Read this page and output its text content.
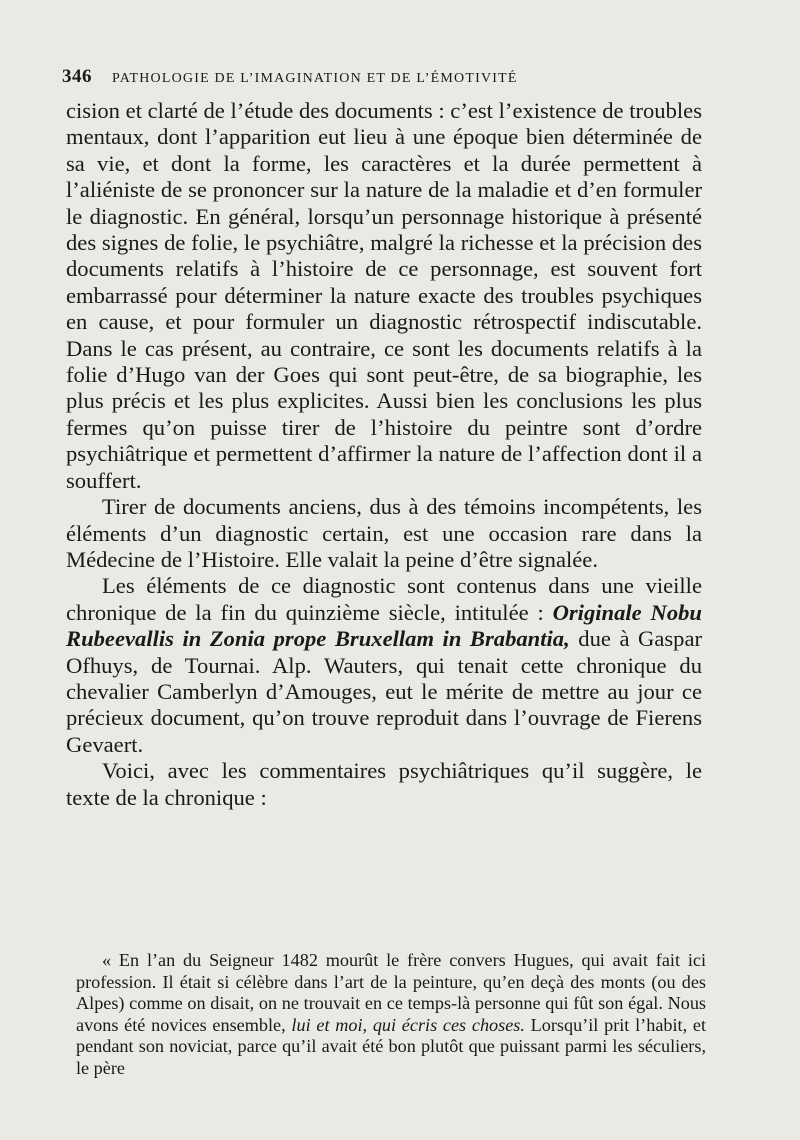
346 PATHOLOGIE DE L’IMAGINATION ET DE L’ÉMOTIVITÉ

cision et clarté de l’étude des documents : c’est l’existence de troubles mentaux, dont l’apparition eut lieu à une époque bien déterminée de sa vie, et dont la forme, les caractères et la durée permettent à l’aliéniste de se prononcer sur la nature de la maladie et d’en formuler le diagnostic. En général, lorsqu’un personnage historique à présenté des signes de folie, le psychiâtre, malgré la richesse et la précision des documents relatifs à l’histoire de ce personnage, est souvent fort embarrassé pour déterminer la nature exacte des troubles psychiques en cause, et pour formuler un diagnostic rétrospectif indiscutable. Dans le cas présent, au contraire, ce sont les documents relatifs à la folie d’Hugo van der Goes qui sont peut-être, de sa biographie, les plus précis et les plus explicites. Aussi bien les conclusions les plus fermes qu’on puisse tirer de l’histoire du peintre sont d’ordre psychiâtrique et permettent d’affirmer la nature de l’affection dont il a souffert.

Tirer de documents anciens, dus à des témoins incompétents, les éléments d’un diagnostic certain, est une occasion rare dans la Médecine de l’Histoire. Elle valait la peine d’être signalée.

Les éléments de ce diagnostic sont contenus dans une vieille chronique de la fin du quinzième siècle, intitulée : Originale Nobu Rubeevallis in Zonia prope Bruxellam in Brabantia, due à Gaspar Ofhuys, de Tournai. Alp. Wauters, qui tenait cette chronique du chevalier Camberlyn d’Amouges, eut le mérite de mettre au jour ce précieux document, qu’on trouve reproduit dans l’ouvrage de Fierens Gevaert.

Voici, avec les commentaires psychiâtriques qu’il suggère, le texte de la chronique :

« En l’an du Seigneur 1482 mourût le frère convers Hugues, qui avait fait ici profession. Il était si célèbre dans l’art de la peinture, qu’en deçà des monts (ou des Alpes) comme on disait, on ne trouvait en ce temps-là personne qui fût son égal. Nous avons été novices ensemble, lui et moi, qui écris ces choses. Lorsqu’il prit l’habit, et pendant son noviciat, parce qu’il avait été bon plutôt que puissant parmi les séculiers, le père
